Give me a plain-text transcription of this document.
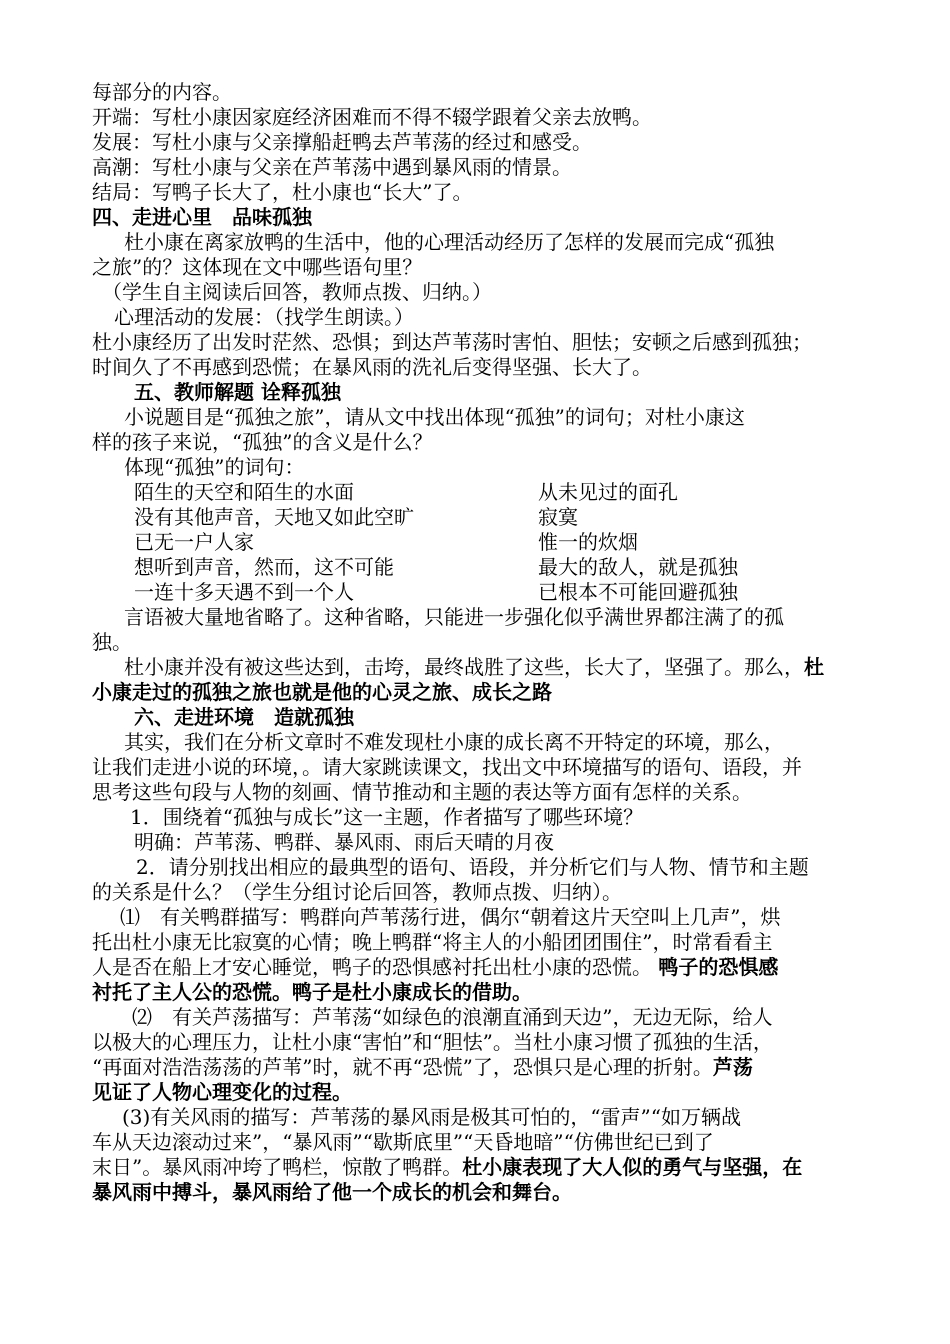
每部分的内容。
开端：写杜小康因家庭经济困难而不得不辍学跟着父亲去放鸭。
发展：写杜小康与父亲撑船赶鸭去芦苇荡的经过和感受。
高潮：写杜小康与父亲在芦苇荡中遇到暴风雨的情景。
结局：写鸭子长大了，杜小康也“长大”了。
四、走进心里　品味孤独
杜小康在离家放鸭的生活中，他的心理活动经历了怎样的发展而完成“孤独
之旅”的？这体现在文中哪些语句里？
（学生自主阅读后回答，教师点拨、归纳。）
心理活动的发展：（找学生朗读。）
杜小康经历了出发时茫然、恐惧；到达芦苇荡时害怕、胆怯；安顿之后感到孤独；
时间久了不再感到恐慌；在暴风雨的洗礼后变得坚强、长大了。
五、教师解题 诠释孤独
小说题目是“孤独之旅”，请从文中找出体现“孤独”的词句；对杜小康这
样的孩子来说，“孤独”的含义是什么？
体现“孤独”的词句：
陌生的天空和陌生的水面	从未见过的面孔
没有其他声音，天地又如此空旷	寂寞
已无一户人家	惟一的炊烟
想听到声音，然而，这不可能	最大的敌人，就是孤独
一连十多天遇不到一个人	已根本不可能回避孤独
言语被大量地省略了。这种省略，只能进一步强化似乎满世界都注满了的孤
独。
杜小康并没有被这些达到，击垮，最终战胜了这些，长大了，坚强了。那么，杜
小康走过的孤独之旅也就是他的心灵之旅、成长之路
六、走进环境　造就孤独
其实，我们在分析文章时不难发现杜小康的成长离不开特定的环境，那么，
让我们走进小说的环境，。请大家跳读课文，找出文中环境描写的语句、语段，并
思考这些句段与人物的刻画、情节推动和主题的表达等方面有怎样的关系。
1．围绕着“孤独与成长”这一主题，作者描写了哪些环境？
明确：芦苇荡、鸭群、暴风雨、雨后天晴的月夜
2．请分别找出相应的最典型的语句、语段，并分析它们与人物、情节和主题
的关系是什么？（学生分组讨论后回答，教师点拨、归纳）。
⑴　有关鸭群描写：鸭群向芦苇荡行进，偶尔“朝着这片天空叫上几声”，烘
托出杜小康无比寂寞的心情；晚上鸭群“将主人的小船团团围住”，时常看看主
人是否在船上才安心睡觉，鸭子的恐惧感衬托出杜小康的恐慌。 鸭子的恐惧感
衬托了主人公的恐慌。鸭子是杜小康成长的借助。
⑵　有关芦荡描写：芦苇荡“如绿色的浪潮直涌到天边”，无边无际，给人
以极大的心理压力，让杜小康“害怕”和“胆怯”。当杜小康习惯了孤独的生活，
“再面对浩浩荡荡的芦苇”时，就不再“恐慌”了，恐惧只是心理的折射。芦荡
见证了人物心理变化的过程。
(3)有关风雨的描写：芦苇荡的暴风雨是极其可怕的，“雷声”“如万辆战
车从天边滚动过来”，“暴风雨”“歇斯底里”“天昏地暗”“仿佛世纪已到了
末日”。暴风雨冲垮了鸭栏，惊散了鸭群。杜小康表现了大人似的勇气与坚强，在
暴风雨中搏斗，暴风雨给了他一个成长的机会和舞台。
